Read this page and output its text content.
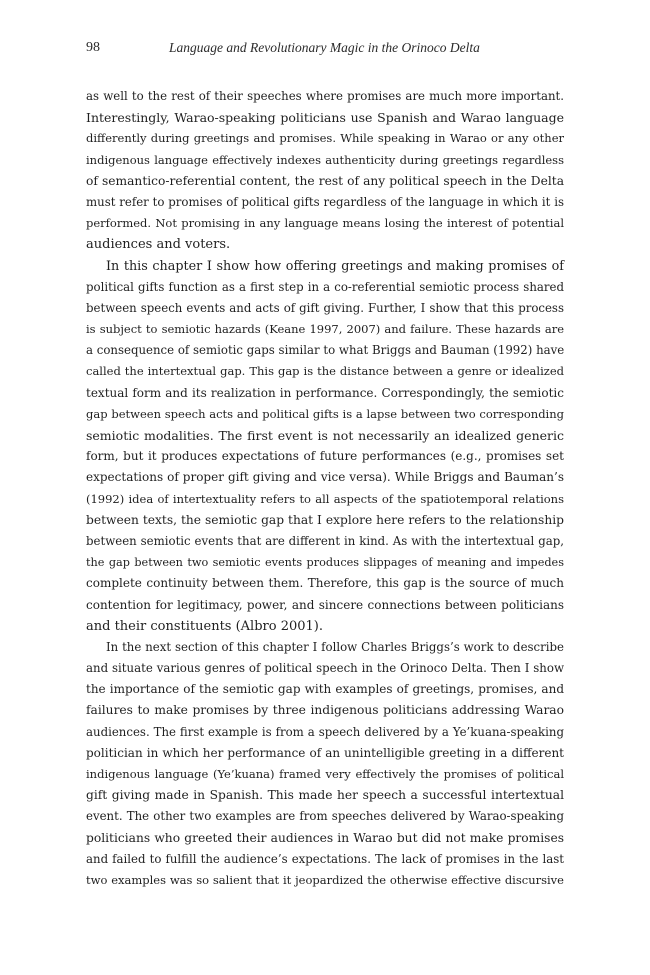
98	Language and Revolutionary Magic in the Orinoco Delta
as well to the rest of their speeches where promises are much more important.
Interestingly, Warao-speaking politicians use Spanish and Warao language
differently during greetings and promises. While speaking in Warao or any other
indigenous language effectively indexes authenticity during greetings regardless
of semantico-referential content, the rest of any political speech in the Delta
must refer to promises of political gifts regardless of the language in which it is
performed. Not promising in any language means losing the interest of potential
audiences and voters.
In this chapter I show how offering greetings and making promises of
political gifts function as a first step in a co-referential semiotic process shared
between speech events and acts of gift giving. Further, I show that this process
is subject to semiotic hazards (Keane 1997, 2007) and failure. These hazards are
a consequence of semiotic gaps similar to what Briggs and Bauman (1992) have
called the intertextual gap. This gap is the distance between a genre or idealized
textual form and its realization in performance. Correspondingly, the semiotic
gap between speech acts and political gifts is a lapse between two corresponding
semiotic modalities. The first event is not necessarily an idealized generic
form, but it produces expectations of future performances (e.g., promises set
expectations of proper gift giving and vice versa). While Briggs and Bauman’s
(1992) idea of intertextuality refers to all aspects of the spatiotemporal relations
between texts, the semiotic gap that I explore here refers to the relationship
between semiotic events that are different in kind. As with the intertextual gap,
the gap between two semiotic events produces slippages of meaning and impedes
complete continuity between them. Therefore, this gap is the source of much
contention for legitimacy, power, and sincere connections between politicians
and their constituents (Albro 2001).
In the next section of this chapter I follow Charles Briggs’s work to describe
and situate various genres of political speech in the Orinoco Delta. Then I show
the importance of the semiotic gap with examples of greetings, promises, and
failures to make promises by three indigenous politicians addressing Warao
audiences. The first example is from a speech delivered by a Ye’kuana-speaking
politician in which her performance of an unintelligible greeting in a different
indigenous language (Ye’kuana) framed very effectively the promises of political
gift giving made in Spanish. This made her speech a successful intertextual
event. The other two examples are from speeches delivered by Warao-speaking
politicians who greeted their audiences in Warao but did not make promises
and failed to fulfill the audience’s expectations. The lack of promises in the last
two examples was so salient that it jeopardized the otherwise effective discursive
